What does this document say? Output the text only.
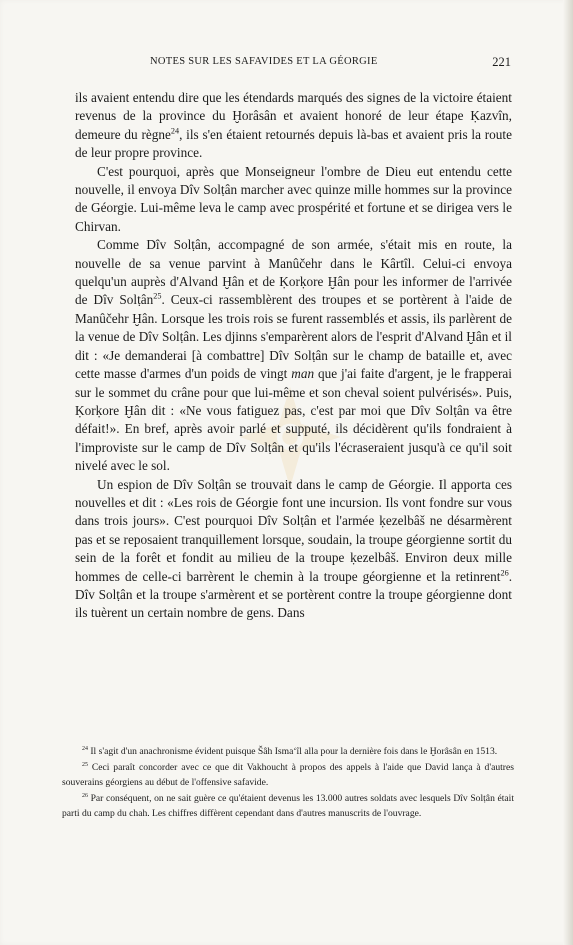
NOTES SUR LES SAFAVIDES ET LA GÉORGIE	221

ils avaient entendu dire que les étendards marqués des signes de la victoire étaient revenus de la province du Ḫorâsân et avaient honoré de leur étape Ḳazvîn, demeure du règne$^{24}$, ils s'en étaient retournés depuis là-bas et avaient pris la route de leur propre province.

C'est pourquoi, après que Monseigneur l'ombre de Dieu eut entendu cette nouvelle, il envoya Dîv Solṭân marcher avec quinze mille hommes sur la province de Géorgie. Lui-même leva le camp avec prospérité et fortune et se dirigea vers le Chirvan.

Comme Dîv Solṭân, accompagné de son armée, s'était mis en route, la nouvelle de sa venue parvint à Manûčehr dans le Kârtîl. Celui-ci envoya quelqu'un auprès d'Alvand Ḫân et de Ḳorḳore Ḫân pour les informer de l'arrivée de Dîv Solṭân$^{25}$. Ceux-ci rassemblèrent des troupes et se portèrent à l'aide de Manûčehr Ḫân. Lorsque les trois rois se furent rassemblés et assis, ils parlèrent de la venue de Dîv Solṭân. Les djinns s'emparèrent alors de l'esprit d'Alvand Ḫân et il dit : «Je demanderai [à combattre] Dîv Solṭân sur le champ de bataille et, avec cette masse d'armes d'un poids de vingt man que j'ai faite d'argent, je le frapperai sur le sommet du crâne pour que lui-même et son cheval soient pulvérisés». Puis, Ḳorḳore Ḫân dit : «Ne vous fatiguez pas, c'est par moi que Dîv Solṭân va être défait!». En bref, après avoir parlé et supputé, ils décidèrent qu'ils fondraient à l'improviste sur le camp de Dîv Solṭân et qu'ils l'écraseraient jusqu'à ce qu'il soit nivelé avec le sol.

Un espion de Dîv Solṭân se trouvait dans le camp de Géorgie. Il apporta ces nouvelles et dit : «Les rois de Géorgie font une incursion. Ils vont fondre sur vous dans trois jours». C'est pourquoi Dîv Solṭân et l'armée ḳezelbâš ne désarmèrent pas et se reposaient tranquillement lorsque, soudain, la troupe géorgienne sortit du sein de la forêt et fondit au milieu de la troupe ḳezelbâš. Environ deux mille hommes de celle-ci barrèrent le chemin à la troupe géorgienne et la retinrent$^{26}$. Dîv Solṭân et la troupe s'armèrent et se portèrent contre la troupe géorgienne dont ils tuèrent un certain nombre de gens. Dans

$^{24}$ Il s'agit d'un anachronisme évident puisque Šâh Ismaʻîl alla pour la dernière fois dans le Ḫorâsân en 1513.

$^{25}$ Ceci paraît concorder avec ce que dit Vakhoucht à propos des appels à l'aide que David lança à d'autres souverains géorgiens au début de l'offensive safavide.

$^{26}$ Par conséquent, on ne sait guère ce qu'étaient devenus les 13.000 autres soldats avec lesquels Dîv Solṭân était parti du camp du chah. Les chiffres diffèrent cependant dans d'autres manuscrits de l'ouvrage.
